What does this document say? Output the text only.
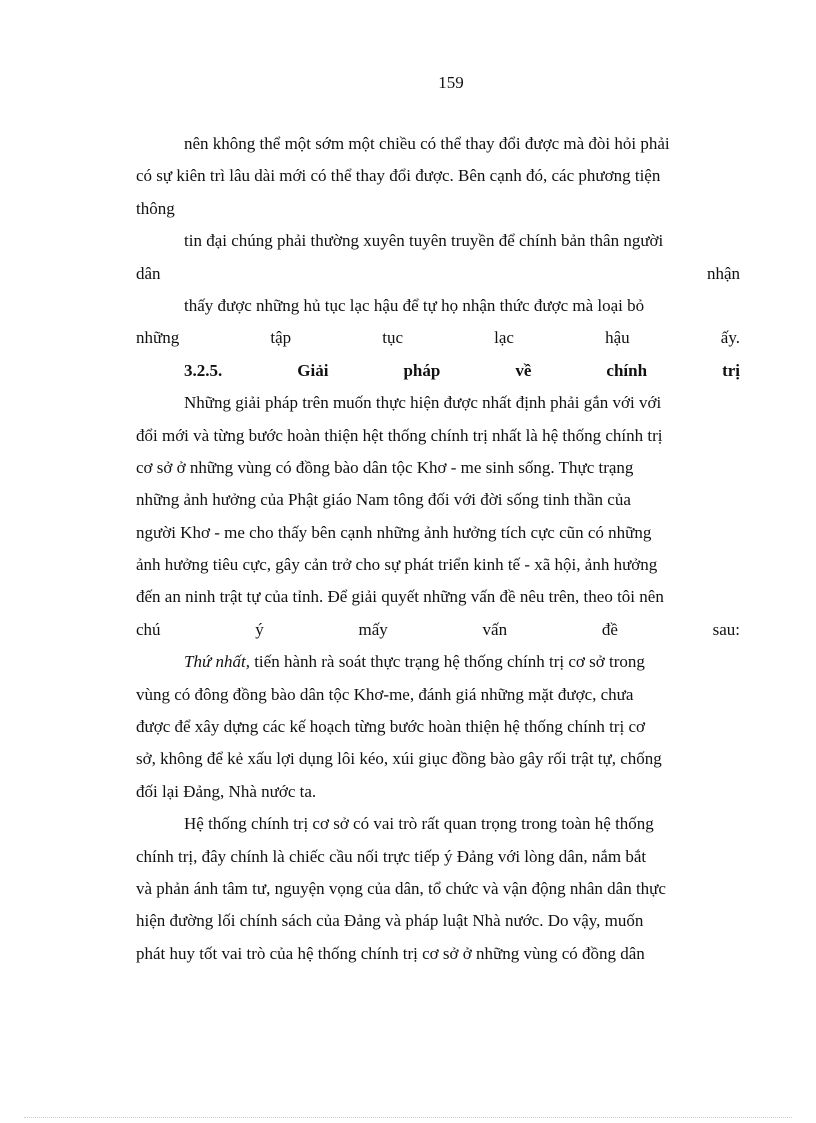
159
nên không thể một sớm một chiều có thể thay đổi được mà đòi hỏi phải
có sự kiên trì lâu dài mới có thể thay đổi được. Bên cạnh đó, các phương tiện
thông
tin đại chúng phải thường xuyên tuyên truyền để chính bản thân người
dân	nhận
thấy được những hủ tục lạc hậu để tự họ nhận thức được mà loại bỏ
những	tập	tục	lạc	hậu	ấy.
3.2.5.	Giải	pháp	về	chính	trị
Những giải pháp trên muốn thực hiện được nhất định phải gắn với với
đổi mới và từng bước hoàn thiện hệt thống chính trị nhất là hệ thống chính trị
cơ sở ở những vùng có đồng bào dân tộc Khơ - me sinh sống. Thực trạng
những ảnh hưởng của Phật giáo Nam tông đối với đời sống tinh thần của
người Khơ - me cho thấy bên cạnh những ảnh hưởng tích cực cũn có những
ảnh hưởng tiêu cực, gây cản trở cho sự phát triển kinh tế - xã hội, ảnh hưởng
đến an ninh trật tự của tỉnh. Để giải quyết những vấn đề nêu trên, theo tôi nên
chú	ý	mấy	vấn	đề	sau:
Thứ nhất, tiến hành rà soát thực trạng hệ thống chính trị cơ sở trong
vùng có đông đồng bào dân tộc Khơ-me, đánh giá những mặt được, chưa
được để xây dựng các kế hoạch từng bước hoàn thiện hệ thống chính trị cơ
sở, không để kẻ xấu lợi dụng lôi kéo, xúi giục đồng bào gây rối trật tự, chống
đối lại Đảng, Nhà nước ta.
Hệ thống chính trị cơ sở có vai trò rất quan trọng trong toàn hệ thống
chính trị, đây chính là chiếc cầu nối trực tiếp ý Đảng với lòng dân, nắm bắt
và phản ánh tâm tư, nguyện vọng của dân, tổ chức và vận động nhân dân thực
hiện đường lối chính sách của Đảng và pháp luật Nhà nước. Do vậy, muốn
phát huy tốt vai trò của hệ thống chính trị cơ sở ở những vùng có đồng dân
